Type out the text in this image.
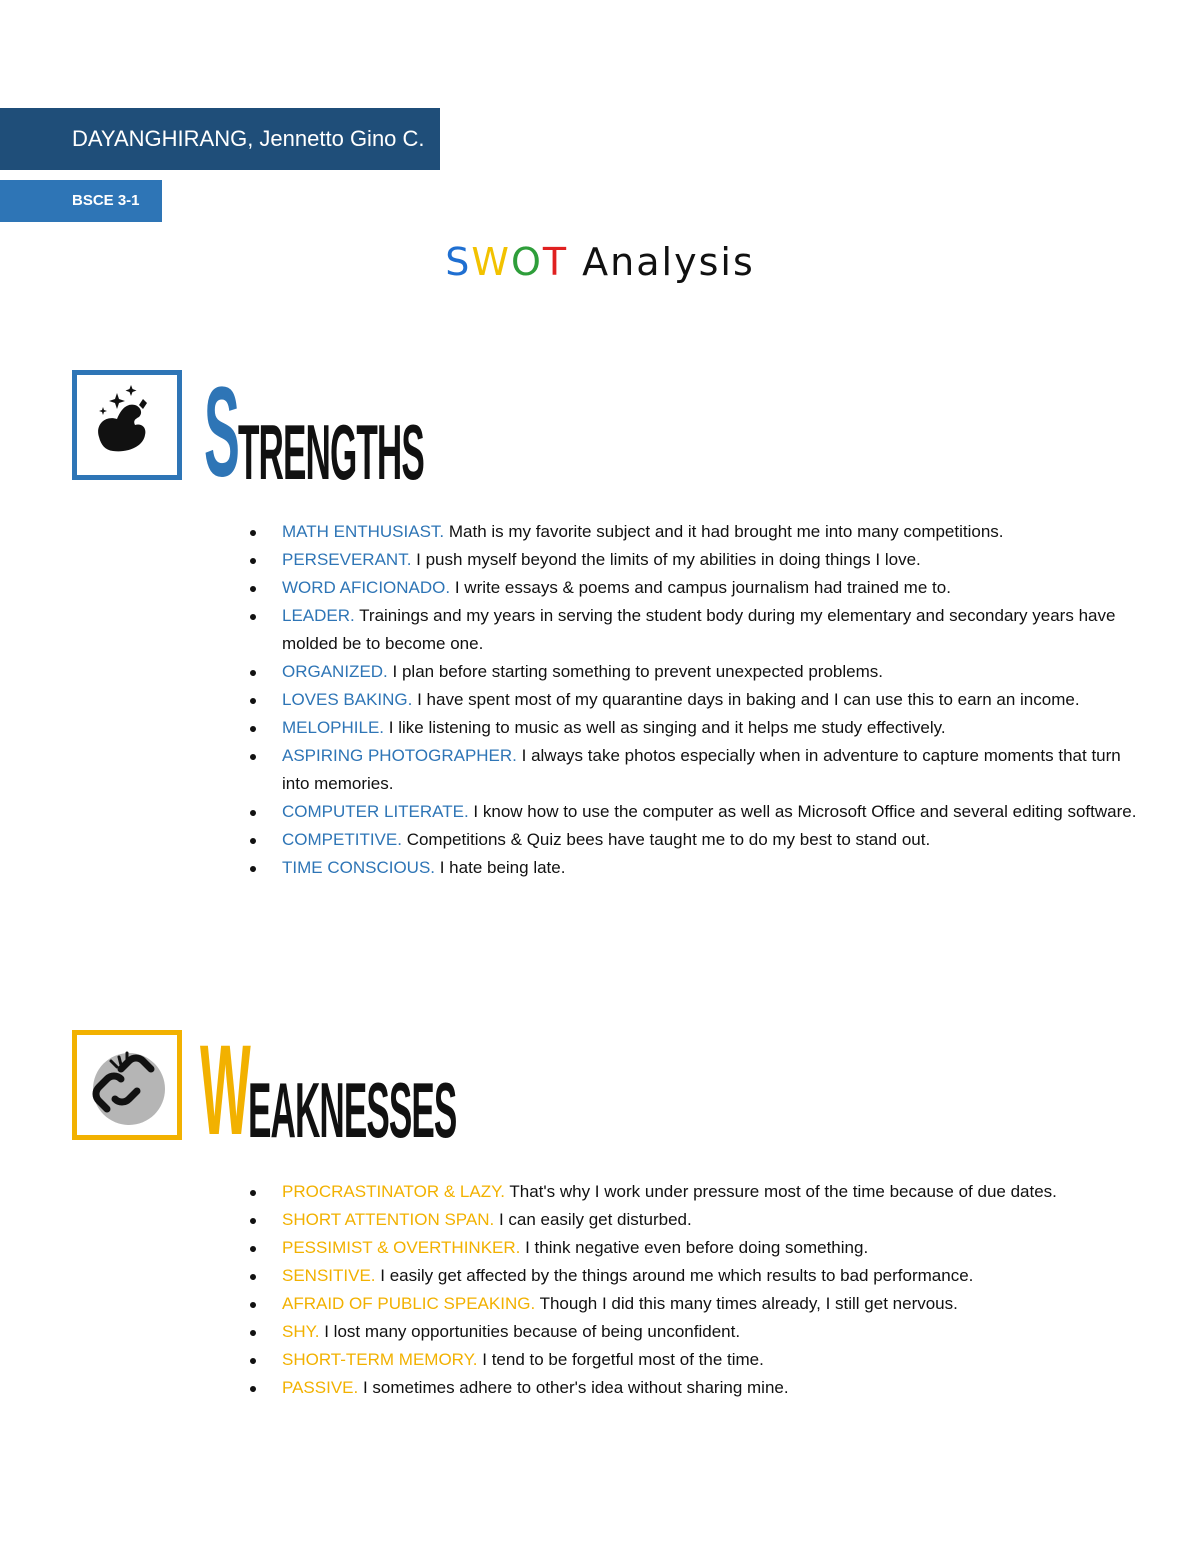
DAYANGHIRANG, Jennetto Gino C.
BSCE 3-1
SWOT Analysis
S
TRENGTHS
MATH ENTHUSIAST. Math is my favorite subject and it had brought me into many competitions.
PERSEVERANT. I push myself beyond the limits of my abilities in doing things I love.
WORD AFICIONADO. I write essays & poems and campus journalism had trained me to.
LEADER. Trainings and my years in serving the student body during my elementary and secondary years have molded be to become one.
ORGANIZED. I plan before starting something to prevent unexpected problems.
LOVES BAKING. I have spent most of my quarantine days in baking and I can use this to earn an income.
MELOPHILE. I like listening to music as well as singing and it helps me study effectively.
ASPIRING PHOTOGRAPHER. I always take photos especially when in adventure to capture moments that turn into memories.
COMPUTER LITERATE. I know how to use the computer as well as Microsoft Office and several editing software.
COMPETITIVE. Competitions & Quiz bees have taught me to do my best to stand out.
TIME CONSCIOUS. I hate being late.
W
EAKNESSES
PROCRASTINATOR & LAZY. That's why I work under pressure most of the time because of due dates.
SHORT ATTENTION SPAN. I can easily get disturbed.
PESSIMIST & OVERTHINKER. I think negative even before doing something.
SENSITIVE. I easily get affected by the things around me which results to bad performance.
AFRAID OF PUBLIC SPEAKING. Though I did this many times already, I still get nervous.
SHY. I lost many opportunities because of being unconfident.
SHORT-TERM MEMORY. I tend to be forgetful most of the time.
PASSIVE. I sometimes adhere to other's idea without sharing mine.
